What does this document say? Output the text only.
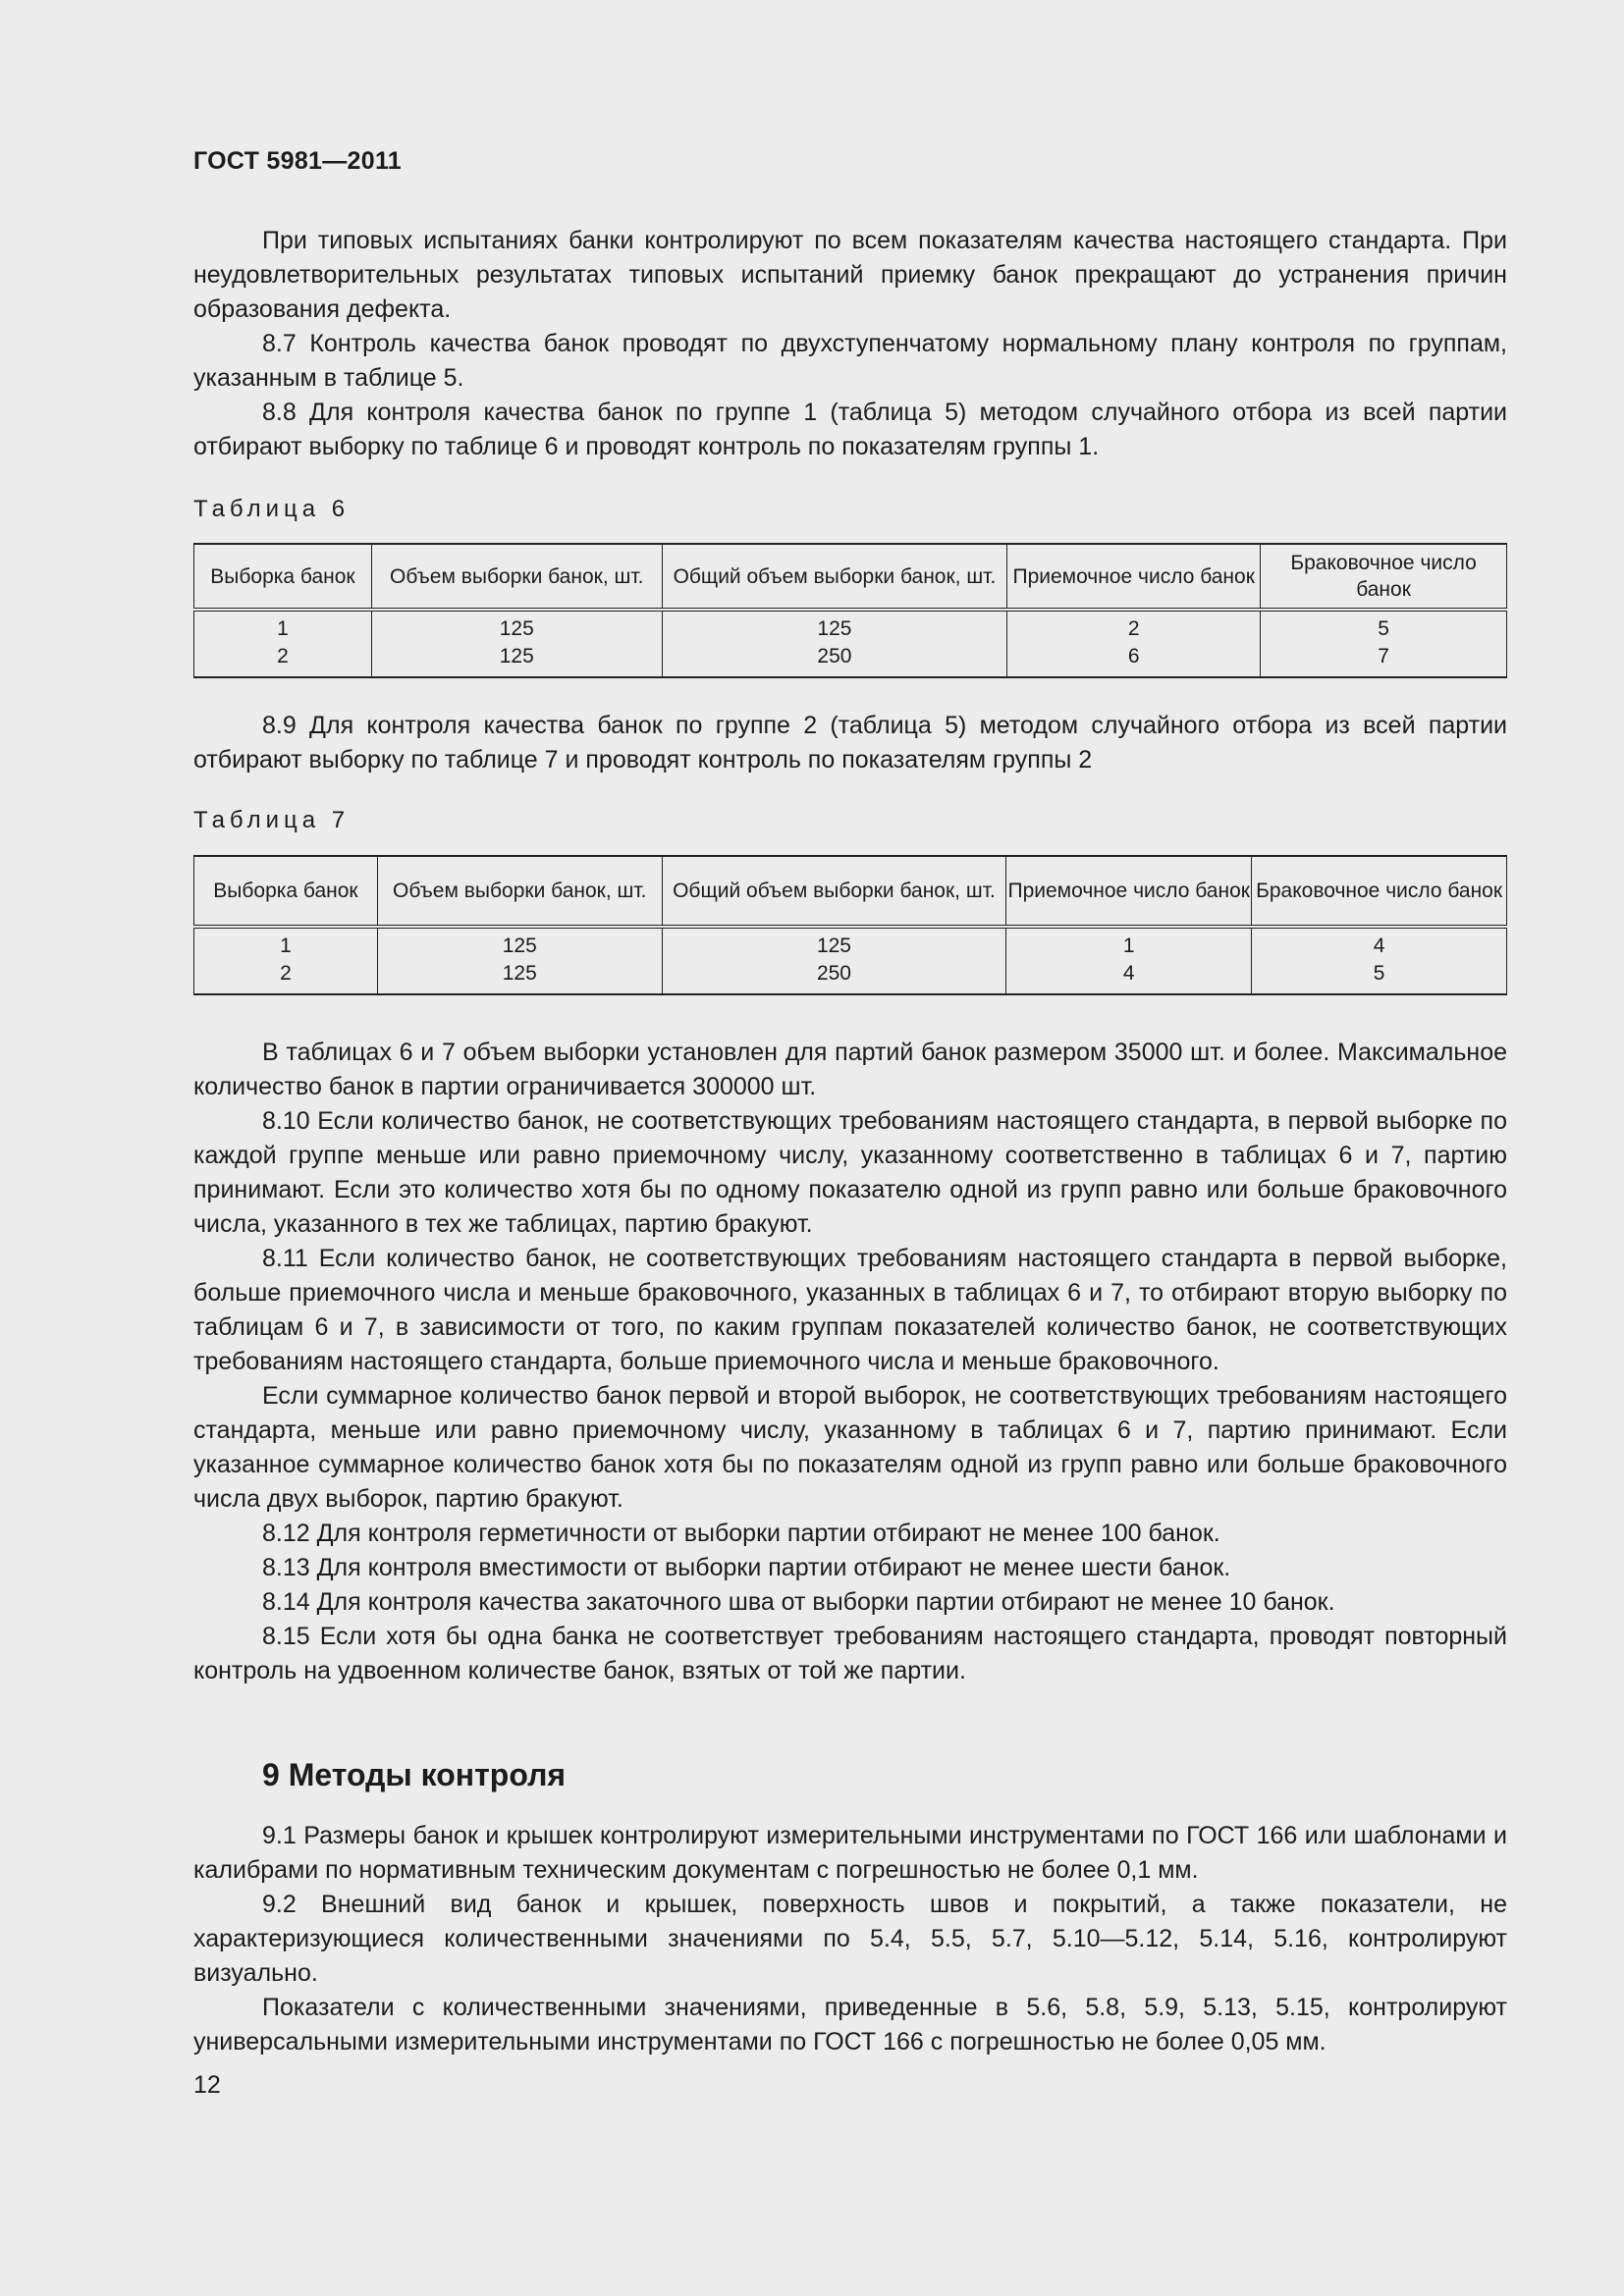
ГОСТ 5981—2011

При типовых испытаниях банки контролируют по всем показателям качества настоящего стандарта. При неудовлетворительных результатах типовых испытаний приемку банок прекращают до устранения причин образования дефекта.

8.7 Контроль качества банок проводят по двухступенчатому нормальному плану контроля по группам, указанным в таблице 5.

8.8 Для контроля качества банок по группе 1 (таблица 5) методом случайного отбора из всей партии отбирают выборку по таблице 6 и проводят контроль по показателям группы 1.

Таблица 6
Выборка банок	Объем выборки банок, шт.	Общий объем выборки банок, шт.	Приемочное число банок	Браковочное число банок
1	125	125	2	5
2	125	250	6	7

8.9 Для контроля качества банок по группе 2 (таблица 5) методом случайного отбора из всей партии отбирают выборку по таблице 7 и проводят контроль по показателям группы 2

Таблица 7
Выборка банок	Объем выборки банок, шт.	Общий объем выборки банок, шт.	Приемочное число банок	Браковочное число банок
1	125	125	1	4
2	125	250	4	5

В таблицах 6 и 7 объем выборки установлен для партий банок размером 35000 шт. и более. Максимальное количество банок в партии ограничивается 300000 шт.

8.10 Если количество банок, не соответствующих требованиям настоящего стандарта, в первой выборке по каждой группе меньше или равно приемочному числу, указанному соответственно в таблицах 6 и 7, партию принимают. Если это количество хотя бы по одному показателю одной из групп равно или больше браковочного числа, указанного в тех же таблицах, партию бракуют.

8.11 Если количество банок, не соответствующих требованиям настоящего стандарта в первой выборке, больше приемочного числа и меньше браковочного, указанных в таблицах 6 и 7, то отбирают вторую выборку по таблицам 6 и 7, в зависимости от того, по каким группам показателей количество банок, не соответствующих требованиям настоящего стандарта, больше приемочного числа и меньше браковочного.

Если суммарное количество банок первой и второй выборок, не соответствующих требованиям настоящего стандарта, меньше или равно приемочному числу, указанному в таблицах 6 и 7, партию принимают. Если указанное суммарное количество банок хотя бы по показателям одной из групп равно или больше браковочного числа двух выборок, партию бракуют.

8.12 Для контроля герметичности от выборки партии отбирают не менее 100 банок.

8.13 Для контроля вместимости от выборки партии отбирают не менее шести банок.

8.14 Для контроля качества закаточного шва от выборки партии отбирают не менее 10 банок.

8.15 Если хотя бы одна банка не соответствует требованиям настоящего стандарта, проводят повторный контроль на удвоенном количестве банок, взятых от той же партии.

9 Методы контроля

9.1 Размеры банок и крышек контролируют измерительными инструментами по ГОСТ 166 или шаблонами и калибрами по нормативным техническим документам с погрешностью не более 0,1 мм.

9.2 Внешний вид банок и крышек, поверхность швов и покрытий, а также показатели, не характеризующиеся количественными значениями по 5.4, 5.5, 5.7, 5.10—5.12, 5.14, 5.16, контролируют визуально.

Показатели с количественными значениями, приведенные в 5.6, 5.8, 5.9, 5.13, 5.15, контролируют универсальными измерительными инструментами по ГОСТ 166 с погрешностью не более 0,05 мм.

12
